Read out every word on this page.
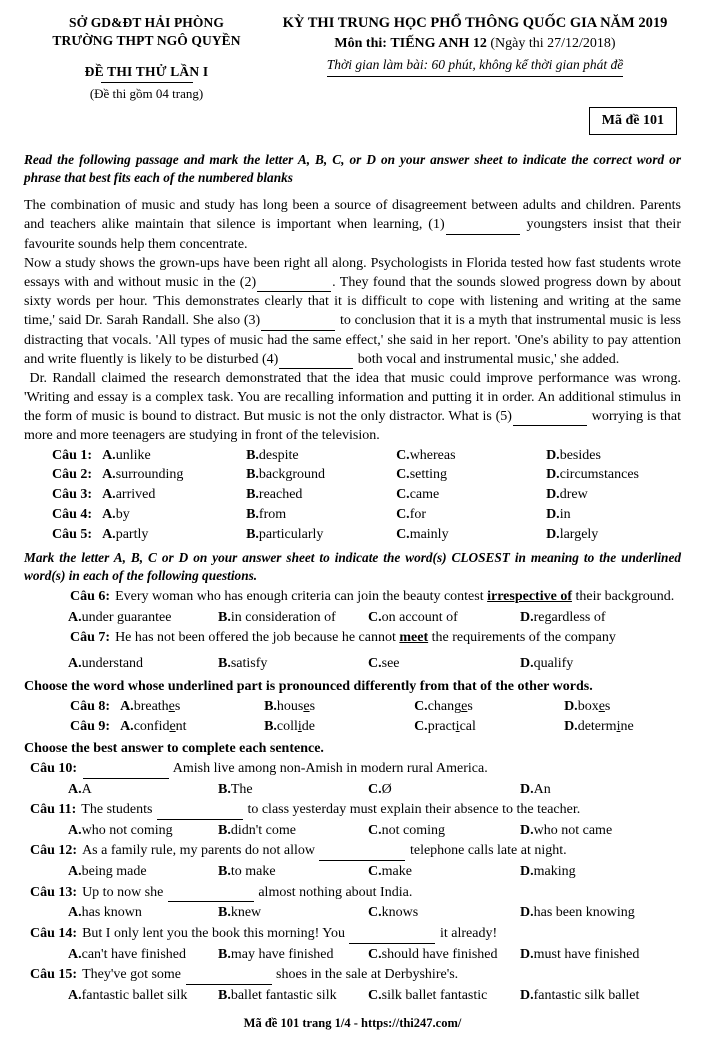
SỞ GD&ĐT HẢI PHÒNG
TRƯỜNG THPT NGÔ QUYỀN
ĐỀ THI THỬ LẦN I
(Đề thi gồm 04 trang)
KỲ THI TRUNG HỌC PHỔ THÔNG QUỐC GIA NĂM 2019
Môn thi: TIẾNG ANH 12 (Ngày thi 27/12/2018)
Thời gian làm bài: 60 phút, không kể thời gian phát đề
Mã đề 101
Read the following passage and mark the letter A, B, C, or D on your answer sheet to indicate the correct word or phrase that best fits each of the numbered blanks

The combination of music and study has long been a source of disagreement between adults and children. Parents and teachers alike maintain that silence is important when learning, (1)	youngsters insist that their favourite sounds help them concentrate.

Now a study shows the grown-ups have been right all along. Psychologists in Florida tested how fast students wrote essays with and without music in the (2)	. They found that the sounds slowed progress down by about sixty words per hour. 'This demonstrates clearly that it is difficult to cope with listening and writing at the same time,' said Dr. Sarah Randall. She also (3)	to conclusion that it is a myth that instrumental music is less distracting that vocals. 'All types of music had the same effect,' she said in her report. 'One's ability to pay attention and write fluently is likely to be disturbed (4)	both vocal and instrumental music,' she added.

Dr. Randall claimed the research demonstrated that the idea that music could improve performance was wrong. 'Writing and essay is a complex task. You are recalling information and putting it in order. An additional stimulus in the form of music is bound to distract. But music is not the only distractor. What is (5)	worrying is that more and more teenagers are studying in front of the television.

Câu 1: A.unlike	B.despite	C.whereas	D.besides
Câu 2: A.surrounding	B.background	C.setting	D.circumstances
Câu 3: A.arrived	B.reached	C.came	D.drew
Câu 4: A.by	B.from	C.for	D.in
Câu 5: A.partly	B.particularly	C.mainly	D.largely
Mark the letter A, B, C or D on your answer sheet to indicate the word(s) CLOSEST in meaning to the underlined word(s) in each of the following questions.
Câu 6: Every woman who has enough criteria can join the beauty contest irrespective of their background.
A.under guarantee	B.in consideration of	C.on account of	D.regardless of
Câu 7: He has not been offered the job because he cannot meet the requirements of the company
A.understand	B.satisfy	C.see	D.qualify
Choose the word whose underlined part is pronounced differently from that of the other words.
Câu 8: A.breathes	B.houses	C.changes	D.boxes
Câu 9: A.confident	B.collide	C.practical	D.determine
Choose the best answer to complete each sentence.
Câu 10:	Amish live among non-Amish in modern rural America.
A.A	B.The	C.Ø	D.An
Câu 11: The students	to class yesterday must explain their absence to the teacher.
A.who not coming	B.didn't come	C.not coming	D.who not came
Câu 12: As a family rule, my parents do not allow	telephone calls late at night.
A.being made	B.to make	C.make	D.making
Câu 13: Up to now she	almost nothing about India.
A.has known	B.knew	C.knows	D.has been knowing
Câu 14: But I only lent you the book this morning! You	it already!
A.can't have finished	B.may have finished	C.should have finished	D.must have finished
Câu 15: They've got some	shoes in the sale at Derbyshire's.
A.fantastic ballet silk	B.ballet fantastic silk	C.silk ballet fantastic	D.fantastic silk ballet
Mã đề 101 trang 1/4 - https://thi247.com/
